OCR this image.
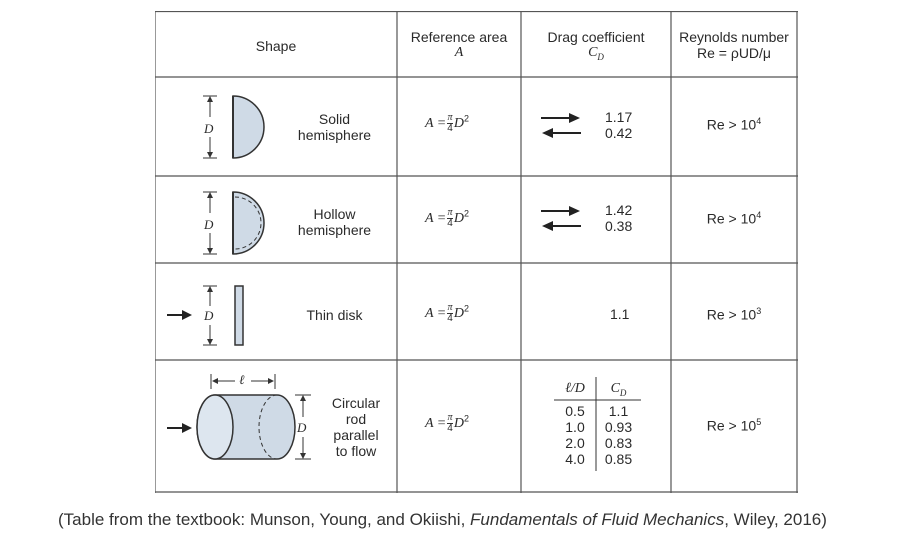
Shape
Reference area
A
Drag coefficient
$C_D$
Reynolds number
Re = ρUD/μ
D
D
D
D
ℓ
Solid
hemisphere
Hollow
hemisphere
Thin disk
Circular
rod
parallel
to flow
$A = \frac{\pi}{4} D^2$
$A = \frac{\pi}{4} D^2$
$A = \frac{\pi}{4} D^2$
$A = \frac{\pi}{4} D^2$
1.17
0.42
1.42
0.38
1.1
ℓ/D	$C_D$
0.5
1.0
2.0
4.0
1.1
0.93
0.83
0.85
$Re > 10^4$
$Re > 10^4$
$Re > 10^3$
$Re > 10^5$
(Table from the textbook: Munson, Young, and Okiishi, Fundamentals of Fluid Mechanics, Wiley, 2016)
